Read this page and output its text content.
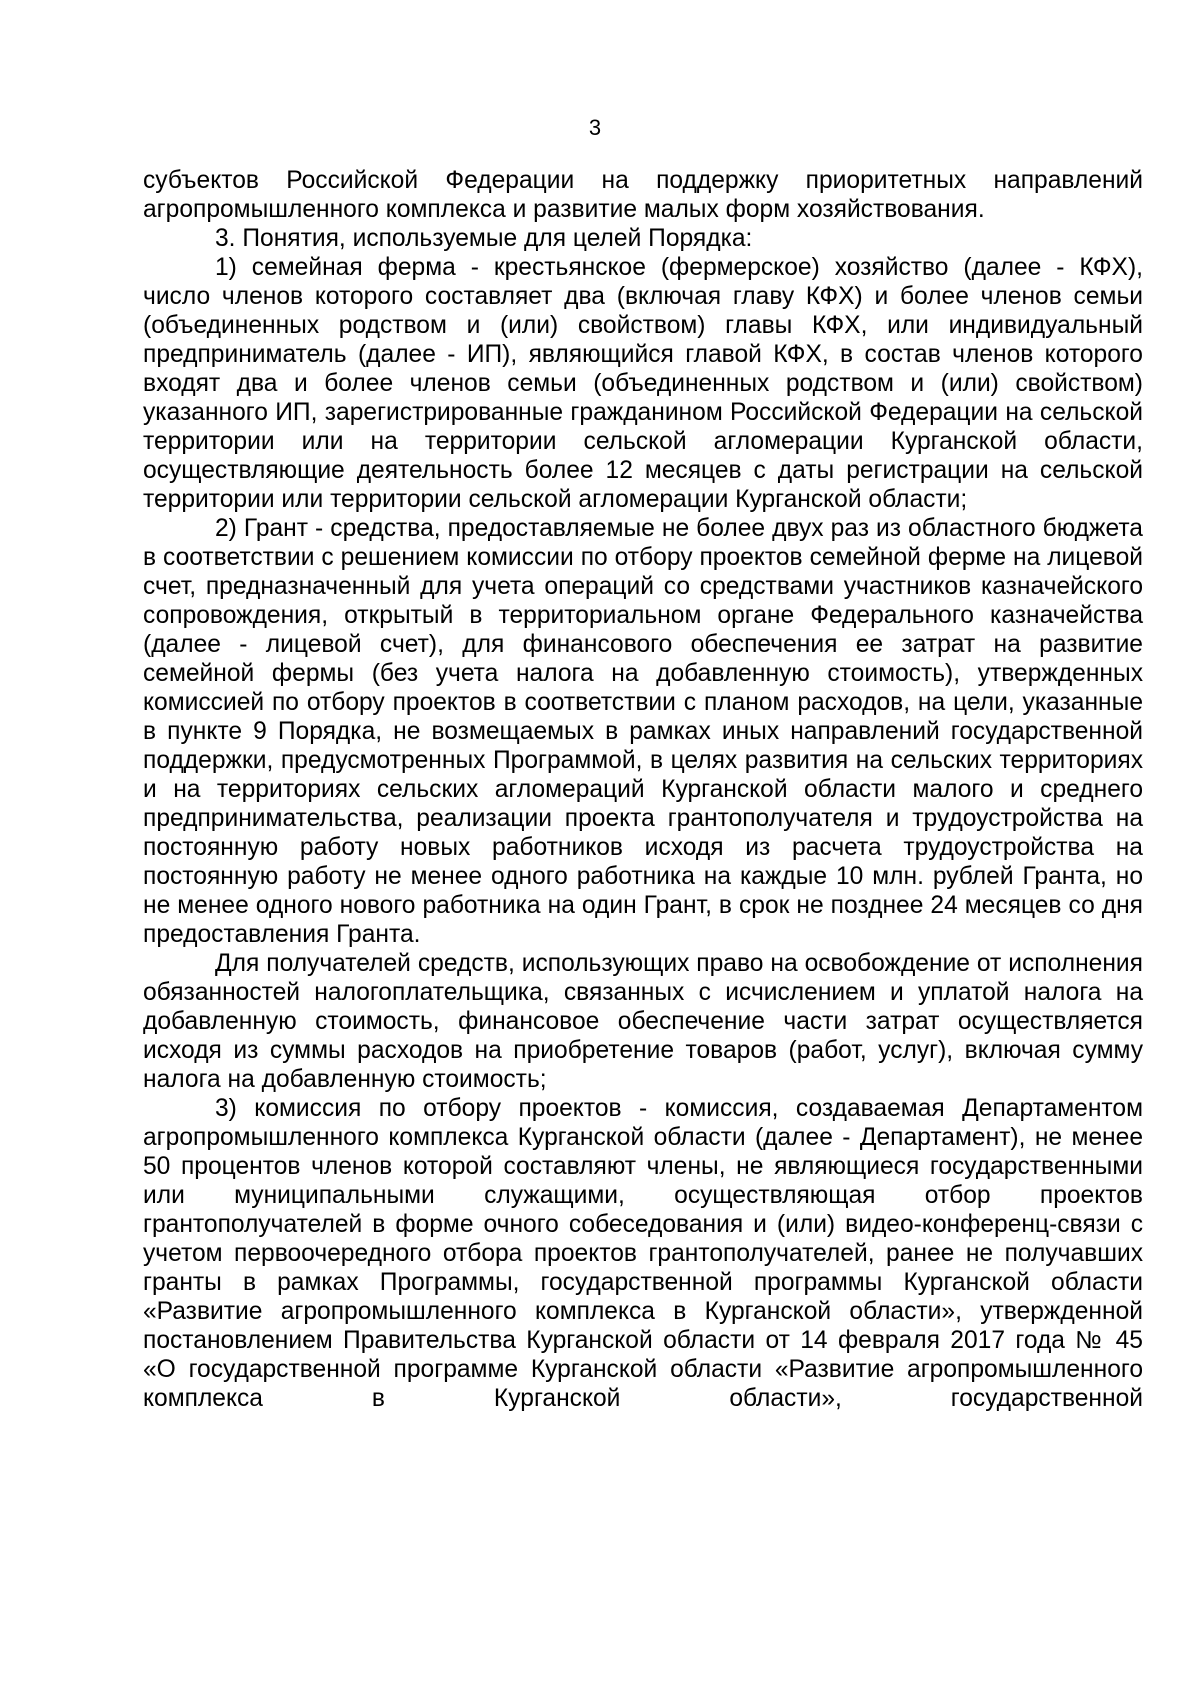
3

субъектов Российской Федерации на поддержку приоритетных направлений агропромышленного комплекса и развитие малых форм хозяйствования.

3. Понятия, используемые для целей Порядка:

1) семейная ферма - крестьянское (фермерское) хозяйство (далее - КФХ), число членов которого составляет два (включая главу КФХ) и более членов семьи (объединенных родством и (или) свойством) главы КФХ, или индивидуальный предприниматель (далее - ИП), являющийся главой КФХ, в состав членов которого входят два и более членов семьи (объединенных родством и (или) свойством) указанного ИП, зарегистрированные гражданином Российской Федерации на сельской территории или на территории сельской агломерации Курганской области, осуществляющие деятельность более 12 месяцев с даты регистрации на сельской территории или территории сельской агломерации Курганской области;

2) Грант - средства, предоставляемые не более двух раз из областного бюджета в соответствии с решением комиссии по отбору проектов семейной ферме на лицевой счет, предназначенный для учета операций со средствами участников казначейского сопровождения, открытый в территориальном органе Федерального казначейства (далее - лицевой счет), для финансового обеспечения ее затрат на развитие семейной фермы (без учета налога на добавленную стоимость), утвержденных комиссией по отбору проектов в соответствии с планом расходов, на цели, указанные в пункте 9 Порядка, не возмещаемых в рамках иных направлений государственной поддержки, предусмотренных Программой, в целях развития на сельских территориях и на территориях сельских агломераций Курганской области малого и среднего предпринимательства, реализации проекта грантополучателя и трудоустройства на постоянную работу новых работников исходя из расчета трудоустройства на постоянную работу не менее одного работника на каждые 10 млн. рублей Гранта, но не менее одного нового работника на один Грант, в срок не позднее 24 месяцев со дня предоставления Гранта.

Для получателей средств, использующих право на освобождение от исполнения обязанностей налогоплательщика, связанных с исчислением и уплатой налога на добавленную стоимость, финансовое обеспечение части затрат осуществляется исходя из суммы расходов на приобретение товаров (работ, услуг), включая сумму налога на добавленную стоимость;

3) комиссия по отбору проектов - комиссия, создаваемая Департаментом агропромышленного комплекса Курганской области (далее - Департамент), не менее 50 процентов членов которой составляют члены, не являющиеся государственными или муниципальными служащими, осуществляющая отбор проектов грантополучателей в форме очного собеседования и (или) видео-конференц-связи с учетом первоочередного отбора проектов грантополучателей, ранее не получавших гранты в рамках Программы, государственной программы Курганской области «Развитие агропромышленного комплекса в Курганской области», утвержденной постановлением Правительства Курганской области от 14 февраля 2017 года № 45 «О государственной программе Курганской области «Развитие агропромышленного комплекса в Курганской области», государственной
